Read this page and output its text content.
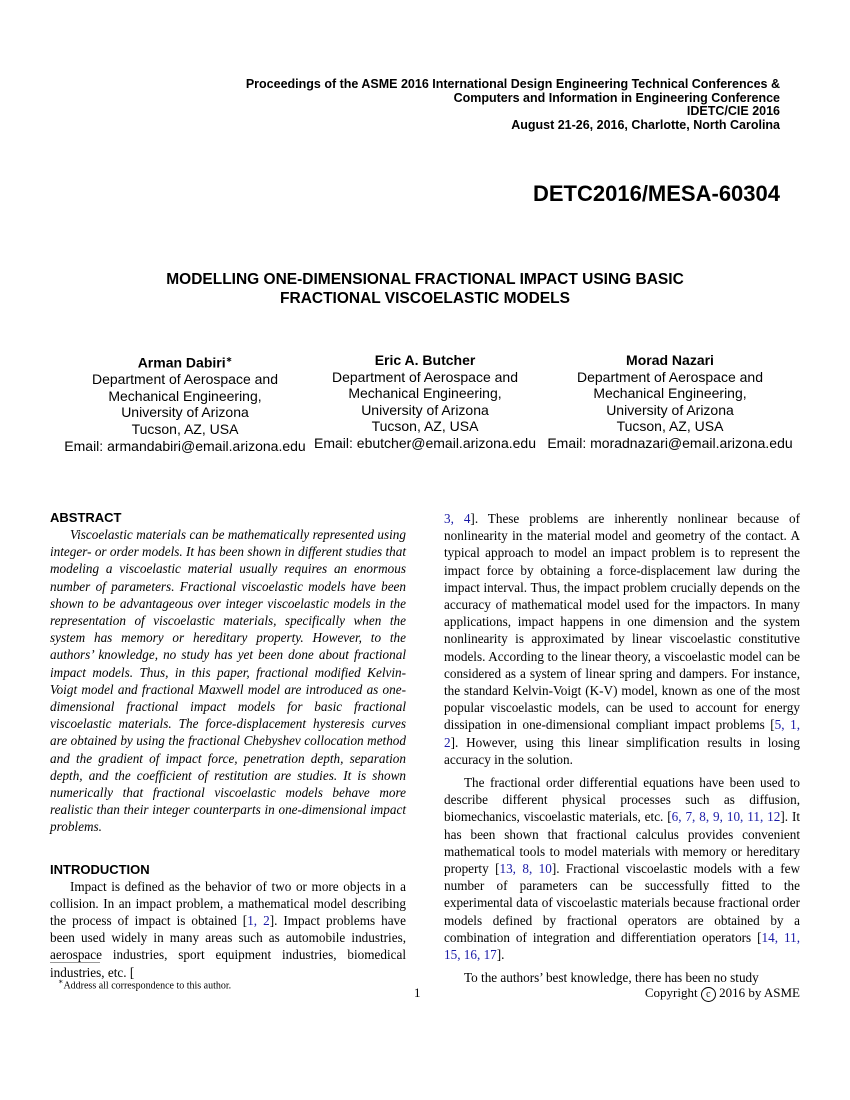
Proceedings of the ASME 2016 International Design Engineering Technical Conferences &
Computers and Information in Engineering Conference
IDETC/CIE 2016
August 21-26, 2016, Charlotte, North Carolina
DETC2016/MESA-60304
MODELLING ONE-DIMENSIONAL FRACTIONAL IMPACT USING BASIC
FRACTIONAL VISCOELASTIC MODELS
Arman Dabiri∗
Department of Aerospace and
Mechanical Engineering,
University of Arizona
Tucson, AZ, USA
Email: armandabiri@email.arizona.edu
Eric A. Butcher
Department of Aerospace and
Mechanical Engineering,
University of Arizona
Tucson, AZ, USA
Email: ebutcher@email.arizona.edu
Morad Nazari
Department of Aerospace and
Mechanical Engineering,
University of Arizona
Tucson, AZ, USA
Email: moradnazari@email.arizona.edu
ABSTRACT

Viscoelastic materials can be mathematically represented using integer- or order models. It has been shown in different studies that modeling a viscoelastic material usually requires an enormous number of parameters. Fractional viscoelastic models have been shown to be advantageous over integer viscoelastic models in the representation of viscoelastic materials, specifically when the system has memory or hereditary property. However, to the authors’ knowledge, no study has yet been done about fractional impact models. Thus, in this paper, fractional modified Kelvin-Voigt model and fractional Maxwell model are introduced as one-dimensional fractional impact models for basic fractional viscoelastic materials. The force-displacement hysteresis curves are obtained by using the fractional Chebyshev collocation method and the gradient of impact force, penetration depth, separation depth, and the coefficient of restitution are studies. It is shown numerically that fractional viscoelastic models behave more realistic than their integer counterparts in one-dimensional impact problems.

INTRODUCTION

Impact is defined as the behavior of two or more objects in a collision. In an impact problem, a mathematical model describing the process of impact is obtained [1, 2]. Impact problems have been used widely in many areas such as automobile industries, aerospace industries, sport equipment industries, biomedical industries, etc. [

3, 4]. These problems are inherently nonlinear because of nonlinearity in the material model and geometry of the contact. A typical approach to model an impact problem is to represent the impact force by obtaining a force-displacement law during the impact interval. Thus, the impact problem crucially depends on the accuracy of mathematical model used for the impactors. In many applications, impact happens in one dimension and the system nonlinearity is approximated by linear viscoelastic constitutive models. According to the linear theory, a viscoelastic model can be considered as a system of linear spring and dampers. For instance, the standard Kelvin-Voigt (K-V) model, known as one of the most popular viscoelastic models, can be used to account for energy dissipation in one-dimensional compliant impact problems [5, 1, 2]. However, using this linear simplification results in losing accuracy in the solution.

The fractional order differential equations have been used to describe different physical processes such as diffusion, biomechanics, viscoelastic materials, etc. [6, 7, 8, 9, 10, 11, 12]. It has been shown that fractional calculus provides convenient mathematical tools to model materials with memory or hereditary property [13, 8, 10]. Fractional viscoelastic models with a few number of parameters can be successfully fitted to the experimental data of viscoelastic materials because fractional order models defined by fractional operators are obtained by a combination of integration and differentiation operators [14, 11, 15, 16, 17].

To the authors’ best knowledge, there has been no study

∗Address all correspondence to this author.	1	Copyright c 2016 by ASME
